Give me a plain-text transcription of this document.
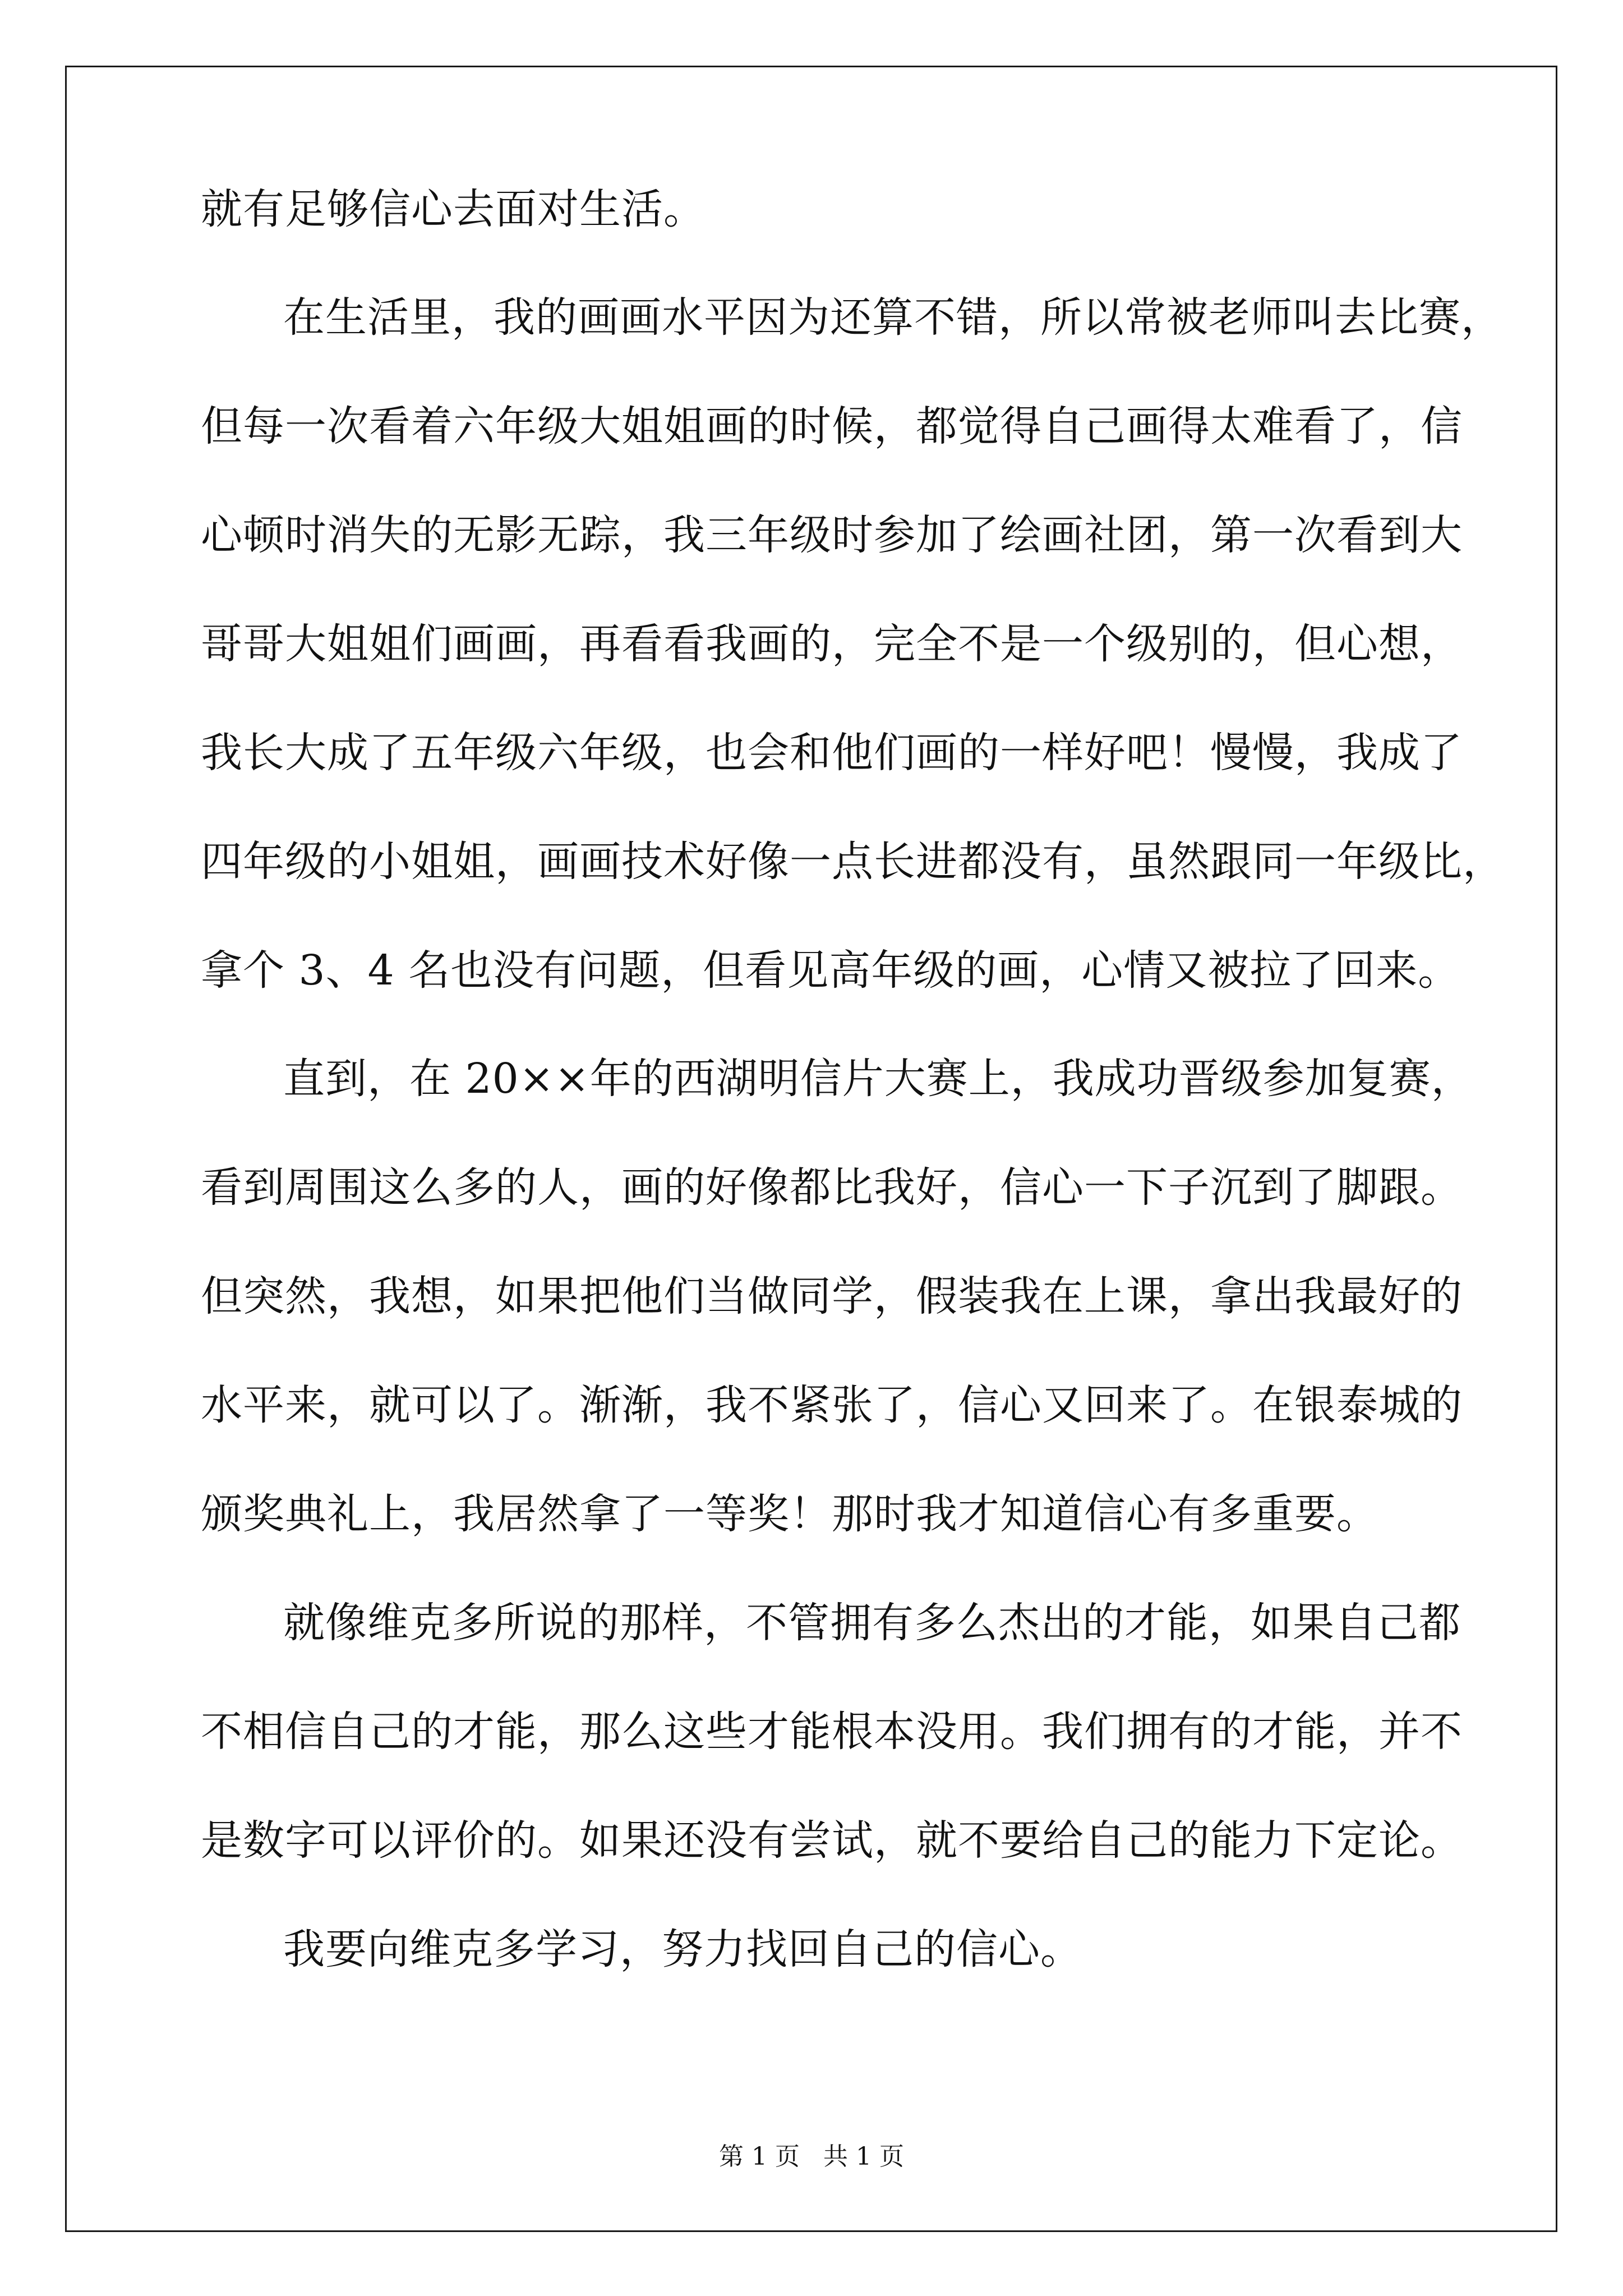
就有足够信心去面对生活。
在生活里，我的画画水平因为还算不错，所以常被老师叫去比赛，
但每一次看着六年级大姐姐画的时候，都觉得自己画得太难看了，信
心顿时消失的无影无踪，我三年级时参加了绘画社团，第一次看到大
哥哥大姐姐们画画，再看看我画的，完全不是一个级别的，但心想，
我长大成了五年级六年级，也会和他们画的一样好吧！慢慢，我成了
四年级的小姐姐，画画技术好像一点长进都没有，虽然跟同一年级比，
拿个 3、4 名也没有问题，但看见高年级的画，心情又被拉了回来。
直到，在 20××年的西湖明信片大赛上，我成功晋级参加复赛，
看到周围这么多的人，画的好像都比我好，信心一下子沉到了脚跟。
但突然，我想，如果把他们当做同学，假装我在上课，拿出我最好的
水平来，就可以了。渐渐，我不紧张了，信心又回来了。在银泰城的
颁奖典礼上，我居然拿了一等奖！那时我才知道信心有多重要。
就像维克多所说的那样，不管拥有多么杰出的才能，如果自己都
不相信自己的才能，那么这些才能根本没用。我们拥有的才能，并不
是数字可以评价的。如果还没有尝试，就不要给自己的能力下定论。
我要向维克多学习，努力找回自己的信心。
第 1 页   共 1 页
